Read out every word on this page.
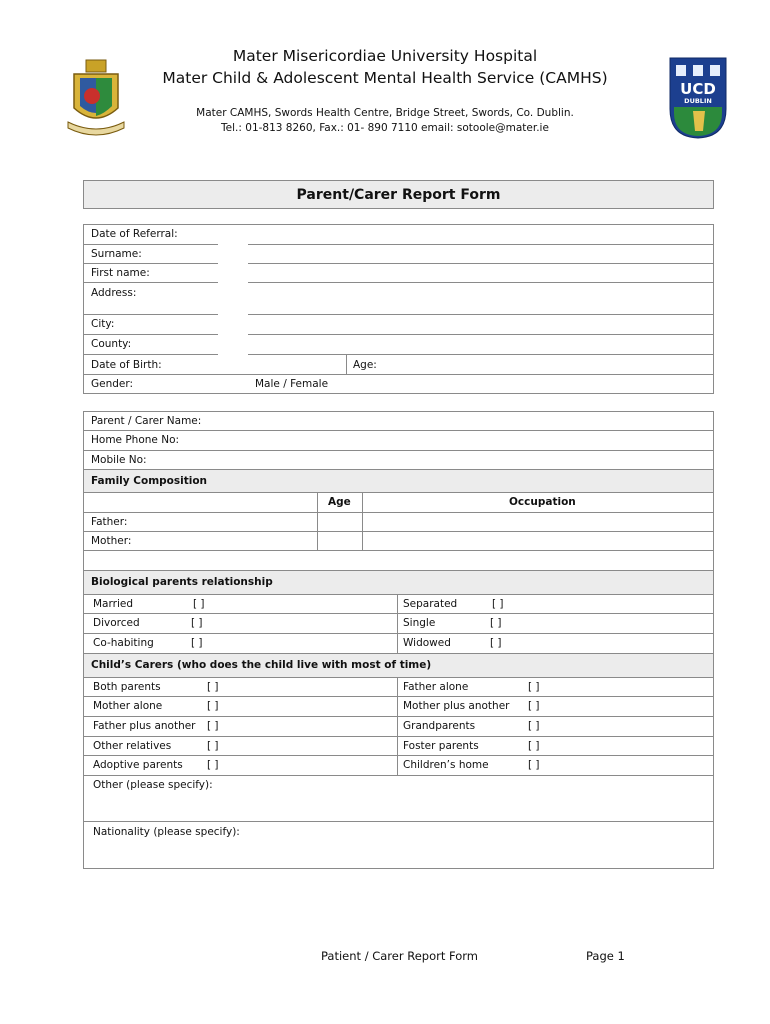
UCD
DUBLIN
Mater Misericordiae University Hospital
Mater Child & Adolescent Mental Health Service (CAMHS)
Mater CAMHS, Swords Health Centre, Bridge Street, Swords, Co. Dublin.
Tel.: 01-813 8260, Fax.: 01- 890 7110 email: sotoole@mater.ie
Parent/Carer Report Form
Date of Referral:
Surname:
First name:
Address:
City:
County:
Date of Birth:	Age:
Gender:	Male / Female
Parent / Carer Name:
Home Phone No:
Mobile No:
Family Composition
Age	Occupation
Father:
Mother:
Biological parents relationship
Married	[ ]	Separated	[ ]
Divorced	[ ]	Single	[ ]
Co-habiting	[ ]	Widowed	[ ]
Child’s Carers (who does the child live with most of time)
Both parents	[ ]	Father alone	[ ]
Mother alone	[ ]	Mother plus another [ ]
Father plus another [ ]	Grandparents	[ ]
Other relatives	[ ]	Foster parents	[ ]
Adoptive parents [ ]	Children’s home	[ ]
Other (please specify):
Nationality (please specify):
Patient / Carer Report Form	Page 1
